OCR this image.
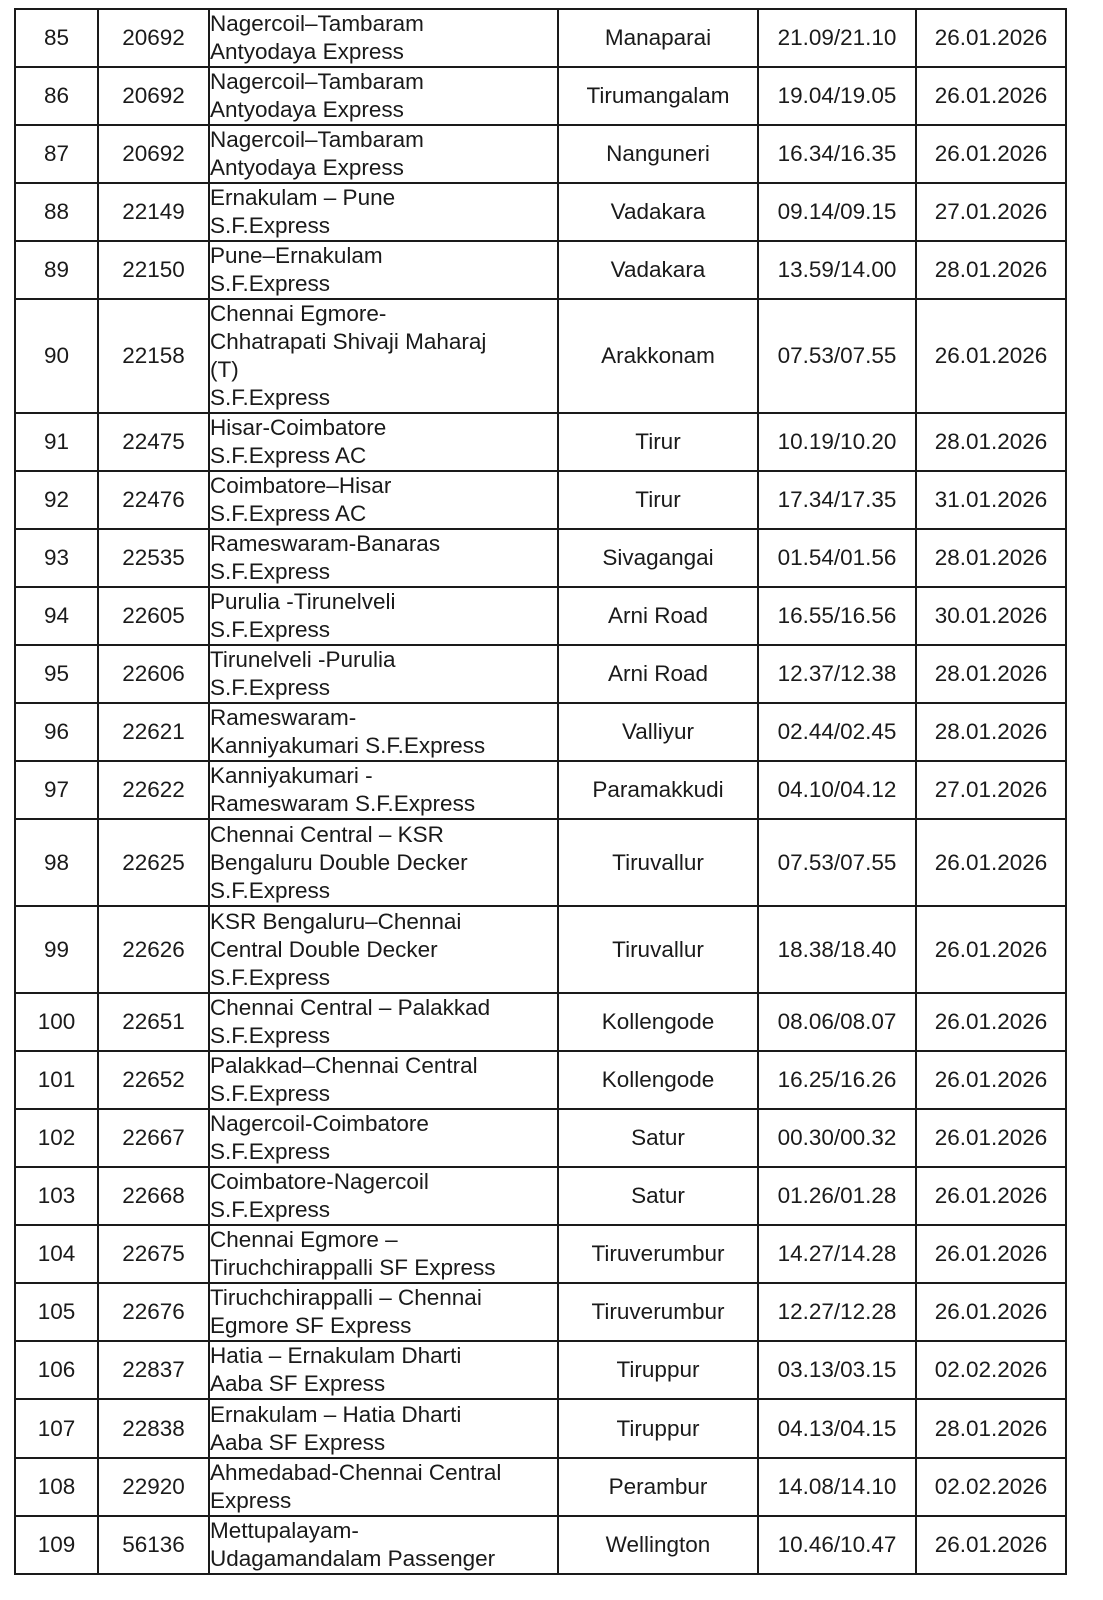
85	20692	Nagercoil–Tambaram
Antyodaya Express	Manaparai	21.09/21.10	26.01.2026
86	20692	Nagercoil–Tambaram
Antyodaya Express	Tirumangalam	19.04/19.05	26.01.2026
87	20692	Nagercoil–Tambaram
Antyodaya Express	Nanguneri	16.34/16.35	26.01.2026
88	22149	Ernakulam – Pune
S.F.Express	Vadakara	09.14/09.15	27.01.2026
89	22150	Pune–Ernakulam
S.F.Express	Vadakara	13.59/14.00	28.01.2026
90	22158	Chennai Egmore-
Chhatrapati Shivaji Maharaj
(T)
S.F.Express	Arakkonam	07.53/07.55	26.01.2026
91	22475	Hisar-Coimbatore
S.F.Express AC	Tirur	10.19/10.20	28.01.2026
92	22476	Coimbatore–Hisar
S.F.Express AC	Tirur	17.34/17.35	31.01.2026
93	22535	Rameswaram-Banaras
S.F.Express	Sivagangai	01.54/01.56	28.01.2026
94	22605	Purulia -Tirunelveli
S.F.Express	Arni Road	16.55/16.56	30.01.2026
95	22606	Tirunelveli -Purulia
S.F.Express	Arni Road	12.37/12.38	28.01.2026
96	22621	Rameswaram-
Kanniyakumari S.F.Express	Valliyur	02.44/02.45	28.01.2026
97	22622	Kanniyakumari -
Rameswaram S.F.Express	Paramakkudi	04.10/04.12	27.01.2026
98	22625	Chennai Central – KSR
Bengaluru Double Decker
S.F.Express	Tiruvallur	07.53/07.55	26.01.2026
99	22626	KSR Bengaluru–Chennai
Central Double Decker
S.F.Express	Tiruvallur	18.38/18.40	26.01.2026
100	22651	Chennai Central – Palakkad
S.F.Express	Kollengode	08.06/08.07	26.01.2026
101	22652	Palakkad–Chennai Central
S.F.Express	Kollengode	16.25/16.26	26.01.2026
102	22667	Nagercoil-Coimbatore
S.F.Express	Satur	00.30/00.32	26.01.2026
103	22668	Coimbatore-Nagercoil
S.F.Express	Satur	01.26/01.28	26.01.2026
104	22675	Chennai Egmore –
Tiruchchirappalli SF Express	Tiruverumbur	14.27/14.28	26.01.2026
105	22676	Tiruchchirappalli – Chennai
Egmore SF Express	Tiruverumbur	12.27/12.28	26.01.2026
106	22837	Hatia – Ernakulam Dharti
Aaba SF Express	Tiruppur	03.13/03.15	02.02.2026
107	22838	Ernakulam – Hatia Dharti
Aaba SF Express	Tiruppur	04.13/04.15	28.01.2026
108	22920	Ahmedabad-Chennai Central
Express	Perambur	14.08/14.10	02.02.2026
109	56136	Mettupalayam-
Udagamandalam Passenger	Wellington	10.46/10.47	26.01.2026
